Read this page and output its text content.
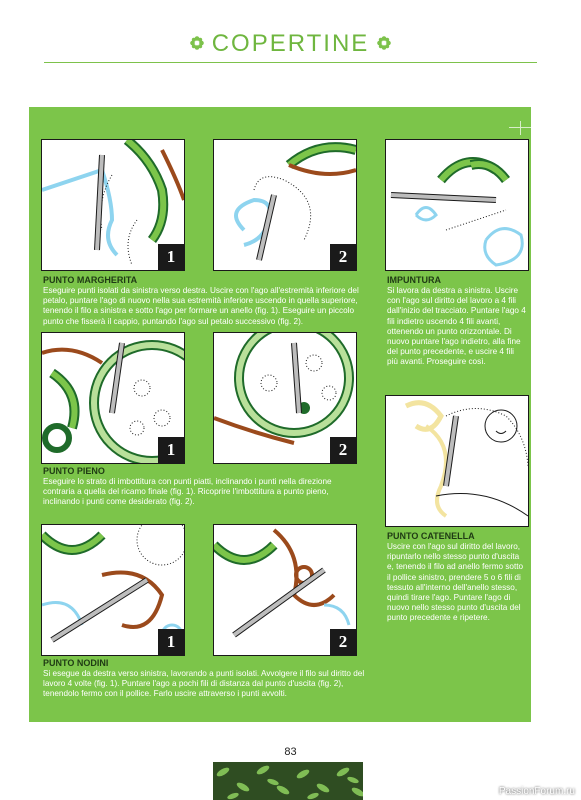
COPERTINE
1	2
PUNTO MARGHERITA
Eseguire punti isolati da sinistra verso destra. Uscire con l'ago all'estremità inferiore del petalo, puntare l'ago di nuovo nella sua estremità inferiore uscendo in quella superiore, tenendo il filo a sinistra e sotto l'ago per formare un anello (fig. 1). Eseguire un piccolo punto che fisserà il cappio, puntando l'ago sul petalo successivo (fig. 2).
IMPUNTURA
Si lavora da destra a sinistra. Uscire con l'ago sul diritto del lavoro a 4 fili dall'inizio del tracciato. Puntare l'ago 4 fili indietro uscendo 4 fili avanti, ottenendo un punto orizzontale. Di nuovo puntare l'ago indietro, alla fine del punto precedente, e uscire 4 fili più avanti. Proseguire così.
1	2
PUNTO PIENO
Eseguire lo strato di imbottitura con punti piatti, inclinando i punti nella direzione contraria a quella del ricamo finale (fig. 1). Ricoprire l'imbottitura a punto pieno, inclinando i punti come desiderato (fig. 2).
PUNTO CATENELLA
Uscire con l'ago sul diritto del lavoro, ripuntarlo nello stesso punto d'uscita e, tenendo il filo ad anello fermo sotto il pollice sinistro, prendere 5 o 6 fili di tessuto all'interno dell'anello stesso, quindi tirare l'ago. Puntare l'ago di nuovo nello stesso punto d'uscita del punto precedente e ripetere.
1	2
PUNTO NODINI
Si esegue da destra verso sinistra, lavorando a punti isolati. Avvolgere il filo sul diritto del lavoro 4 volte (fig. 1). Puntare l'ago a pochi fili di distanza dal punto d'uscita (fig. 2), tenendolo fermo con il pollice. Farlo uscire attraverso i punti avvolti.
83
PassionForum.ru
